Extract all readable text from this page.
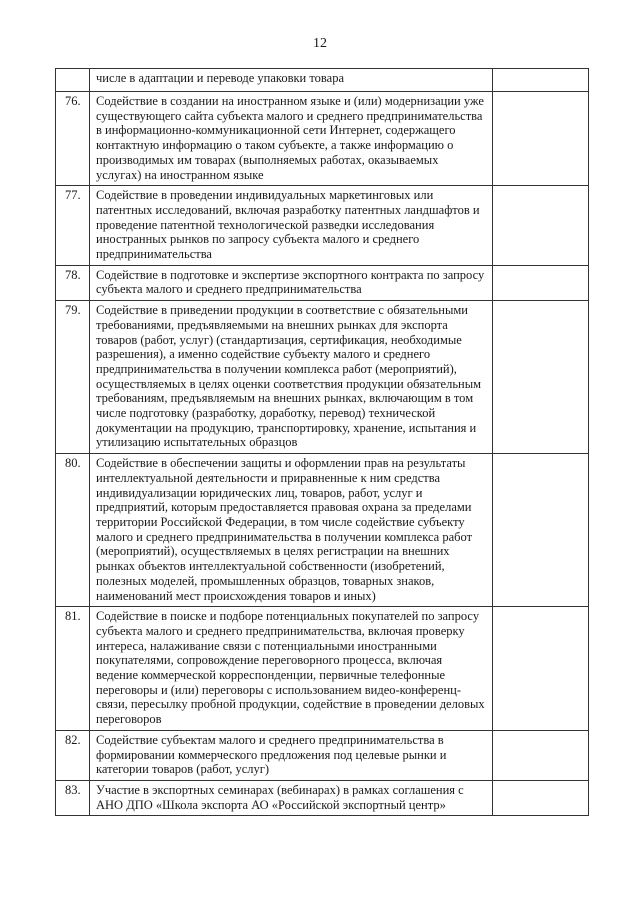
12
	числе в адаптации и переводе упаковки товара	
76.	Содействие в создании на иностранном языке и (или) модернизации уже существующего сайта субъекта малого и среднего предпринимательства в информационно-коммуникационной сети Интернет, содержащего контактную информацию о таком субъекте, а также информацию о производимых им товарах (выполняемых работах, оказываемых услугах) на иностранном языке	
77.	Содействие в проведении индивидуальных маркетинговых или патентных исследований, включая разработку патентных ландшафтов и проведение патентной технологической разведки исследования иностранных рынков по запросу субъекта малого и среднего предпринимательства	
78.	Содействие в подготовке и экспертизе экспортного контракта по запросу субъекта малого и среднего предпринимательства	
79.	Содействие в приведении продукции в соответствие с обязательными требованиями, предъявляемыми на внешних рынках для экспорта товаров (работ, услуг) (стандартизация, сертификация, необходимые разрешения), а именно содействие субъекту малого и среднего предпринимательства в получении комплекса работ (мероприятий), осуществляемых в целях оценки соответствия продукции обязательным требованиям, предъявляемым на внешних рынках, включающим в том числе подготовку (разработку, доработку, перевод) технической документации на продукцию, транспортировку, хранение, испытания и утилизацию испытательных образцов	
80.	Содействие в обеспечении защиты и оформлении прав на результаты интеллектуальной деятельности и приравненные к ним средства индивидуализации юридических лиц, товаров, работ, услуг и предприятий, которым предоставляется правовая охрана за пределами территории Российской Федерации, в том числе содействие субъекту малого и среднего предпринимательства в получении комплекса работ (мероприятий), осуществляемых в целях регистрации на внешних рынках объектов интеллектуальной собственности (изобретений, полезных моделей, промышленных образцов, товарных знаков, наименований мест происхождения товаров и иных)	
81.	Содействие в поиске и подборе потенциальных покупателей по запросу субъекта малого и среднего предпринимательства, включая проверку интереса, налаживание связи с потенциальными иностранными покупателями, сопровождение переговорного процесса, включая ведение коммерческой корреспонденции, первичные телефонные переговоры и (или) переговоры с использованием видео-конференц-связи, пересылку пробной продукции, содействие в проведении деловых переговоров	
82.	Содействие субъектам малого и среднего предпринимательства в формировании коммерческого предложения под целевые рынки и категории товаров (работ, услуг)	
83.	Участие в экспортных семинарах (вебинарах) в рамках соглашения с АНО ДПО «Школа экспорта АО «Российской экспортный центр»	
